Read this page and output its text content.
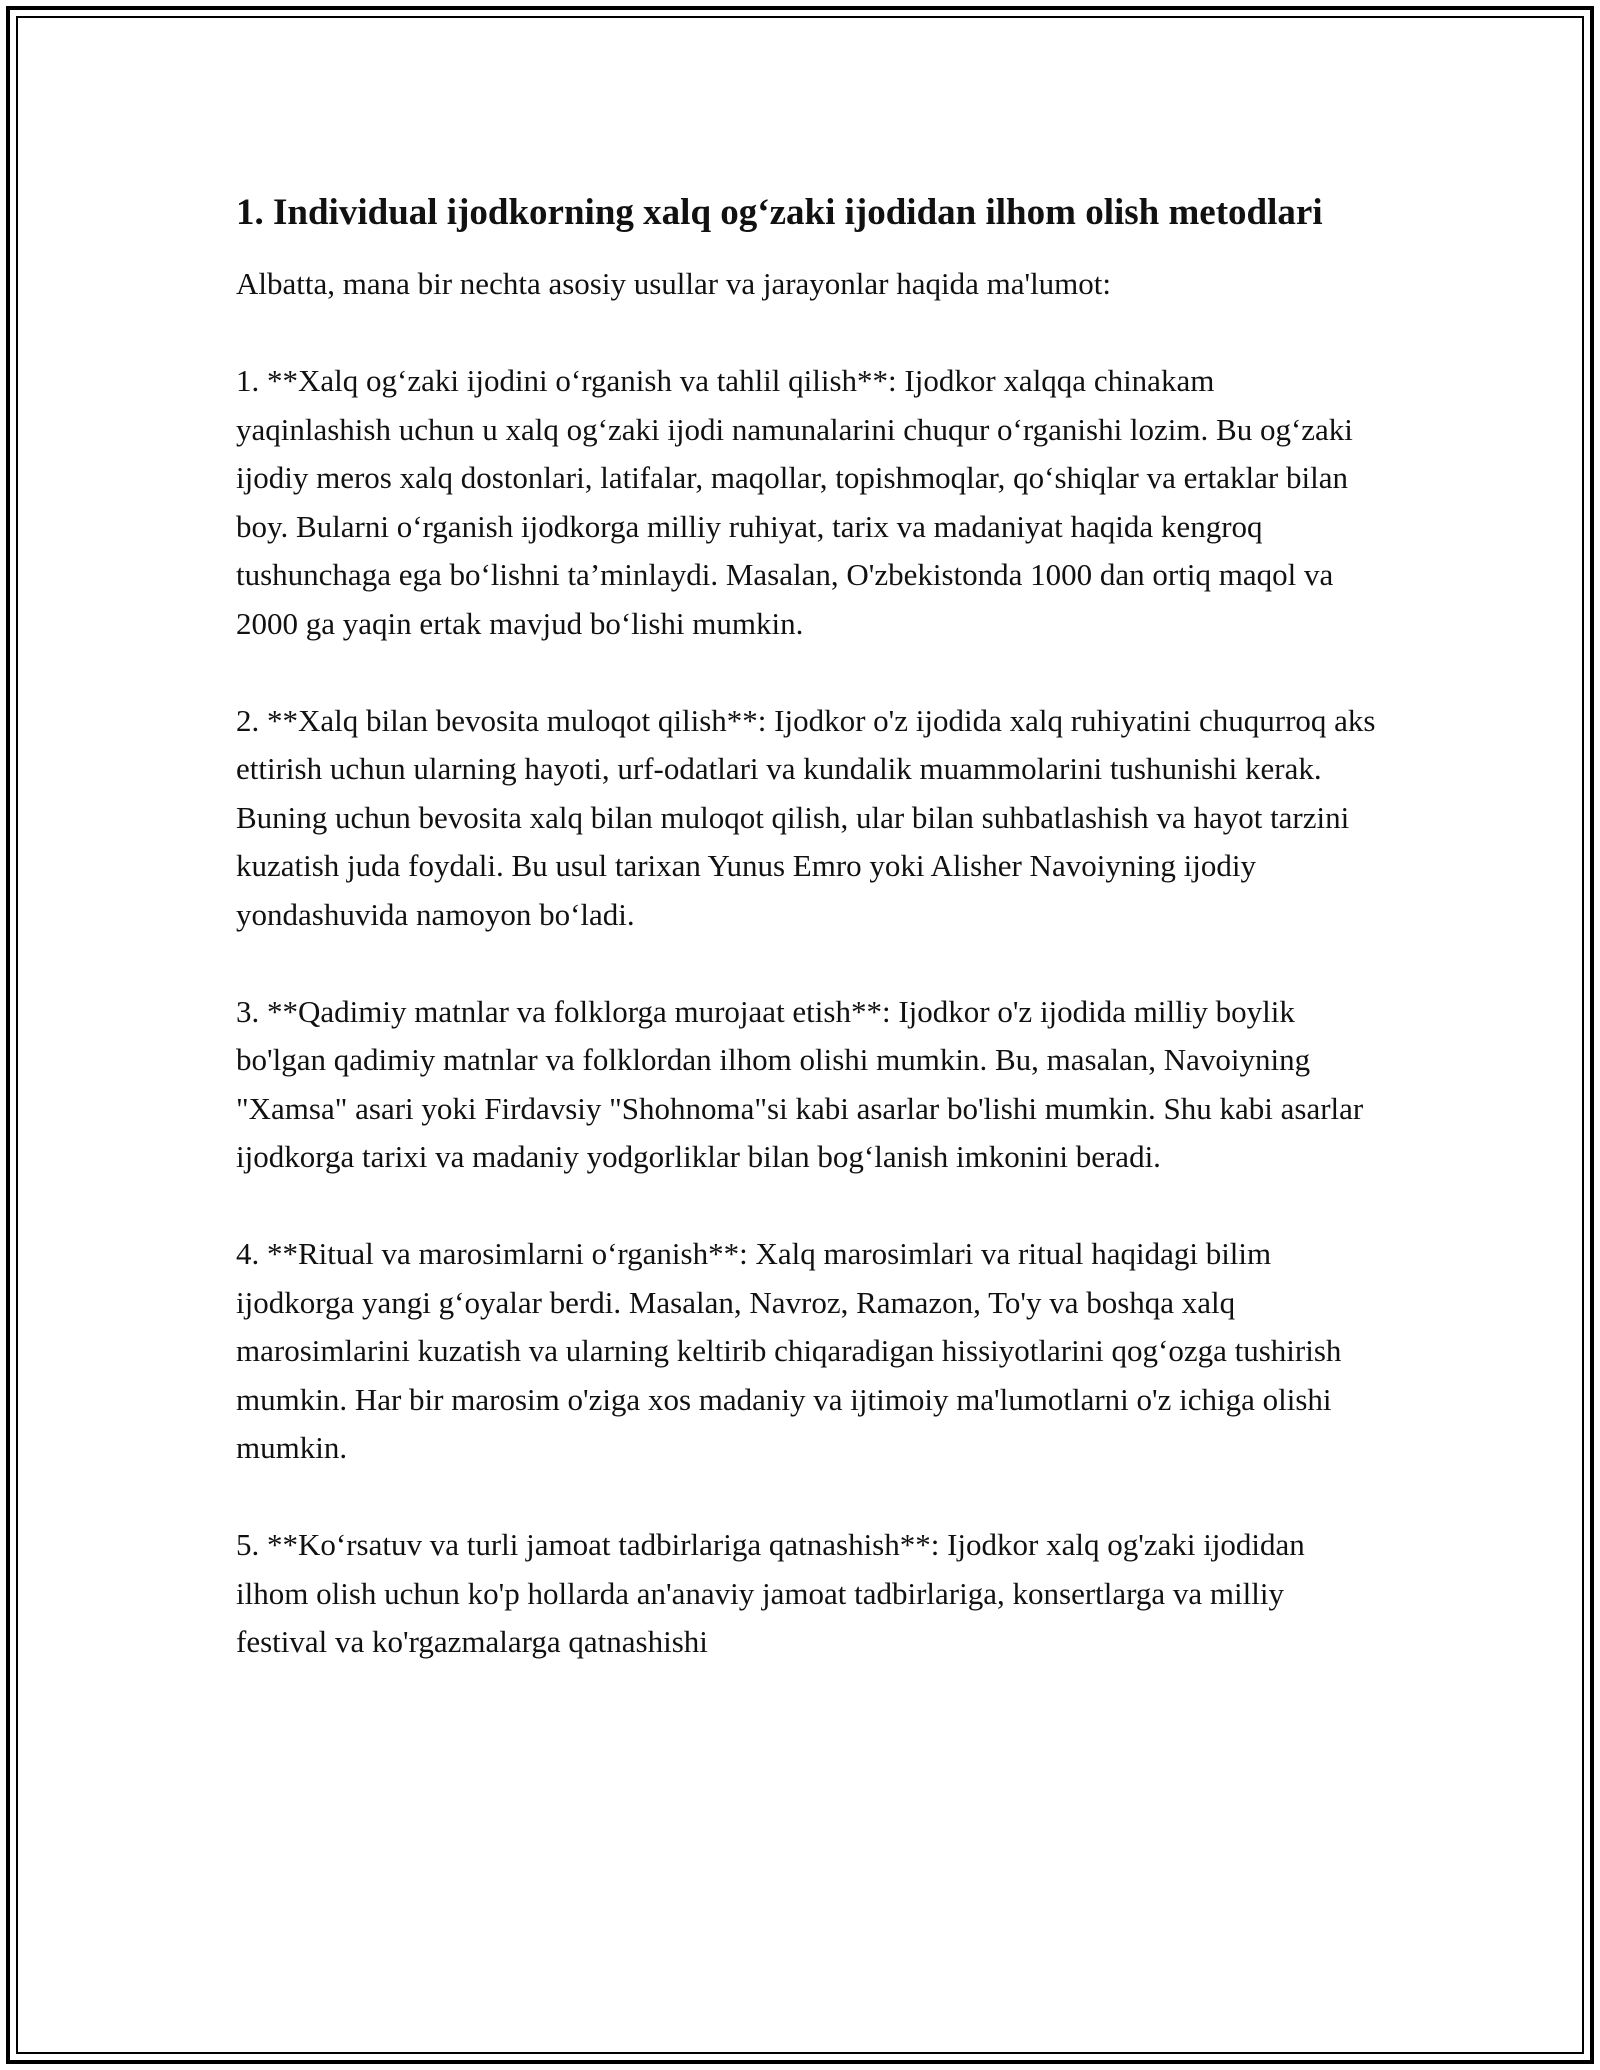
1. Individual ijodkorning xalq og‘zaki ijodidan ilhom olish metodlari

Albatta, mana bir nechta asosiy usullar va jarayonlar haqida ma'lumot:

1. **Xalq og‘zaki ijodini o‘rganish va tahlil qilish**: Ijodkor xalqqa chinakam yaqinlashish uchun u xalq og‘zaki ijodi namunalarini chuqur o‘rganishi lozim. Bu og‘zaki ijodiy meros xalq dostonlari, latifalar, maqollar, topishmoqlar, qo‘shiqlar va ertaklar bilan boy. Bularni o‘rganish ijodkorga milliy ruhiyat, tarix va madaniyat haqida kengroq tushunchaga ega bo‘lishni ta’minlaydi. Masalan, O'zbekistonda 1000 dan ortiq maqol va 2000 ga yaqin ertak mavjud bo‘lishi mumkin.

2. **Xalq bilan bevosita muloqot qilish**: Ijodkor o'z ijodida xalq ruhiyatini chuqurroq aks ettirish uchun ularning hayoti, urf-odatlari va kundalik muammolarini tushunishi kerak. Buning uchun bevosita xalq bilan muloqot qilish, ular bilan suhbatlashish va hayot tarzini kuzatish juda foydali. Bu usul tarixan Yunus Emro yoki Alisher Navoiyning ijodiy yondashuvida namoyon bo‘ladi.

3. **Qadimiy matnlar va folklorga murojaat etish**: Ijodkor o'z ijodida milliy boylik bo'lgan qadimiy matnlar va folklordan ilhom olishi mumkin. Bu, masalan, Navoiyning "Xamsa" asari yoki Firdavsiy "Shohnoma"si kabi asarlar bo'lishi mumkin. Shu kabi asarlar ijodkorga tarixi va madaniy yodgorliklar bilan bog‘lanish imkonini beradi.

4. **Ritual va marosimlarni o‘rganish**: Xalq marosimlari va ritual haqidagi bilim ijodkorga yangi g‘oyalar berdi. Masalan, Navroz, Ramazon, To'y va boshqa xalq marosimlarini kuzatish va ularning keltirib chiqaradigan hissiyotlarini qog‘ozga tushirish mumkin. Har bir marosim o'ziga xos madaniy va ijtimoiy ma'lumotlarni o'z ichiga olishi mumkin.

5. **Ko‘rsatuv va turli jamoat tadbirlariga qatnashish**: Ijodkor xalq og'zaki ijodidan ilhom olish uchun ko'p hollarda an'anaviy jamoat tadbirlariga, konsertlarga va milliy festival va ko'rgazmalarga qatnashishi
